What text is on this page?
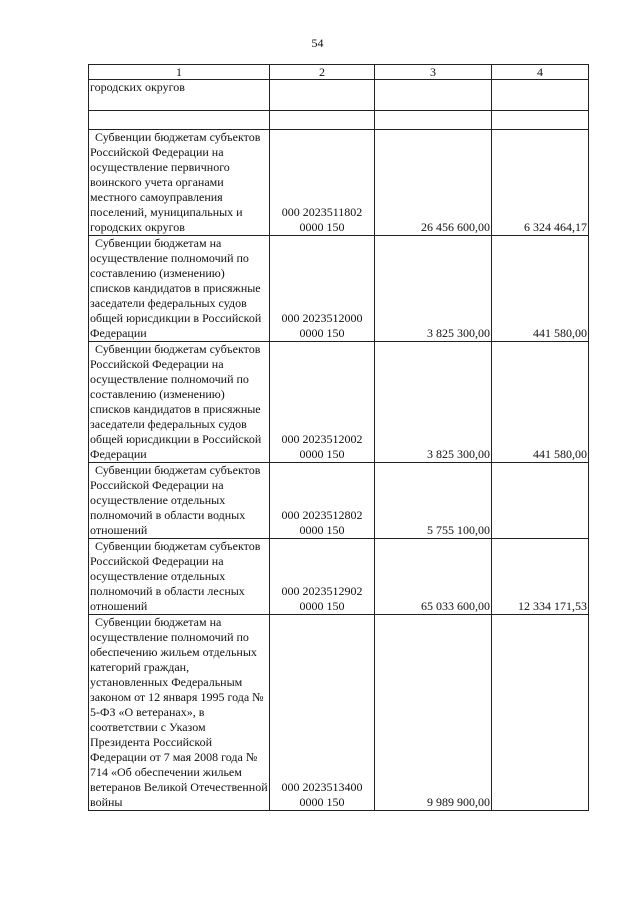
54
1	2	3	4
городских округов			

Субвенции бюджетам субъектов Российской Федерации на осуществление первичного воинского учета органами местного самоуправления поселений, муниципальных и городских округов	000 2023511802
0000 150	26 456 600,00	6 324 464,17
Субвенции бюджетам на осуществление полномочий по составлению (изменению) списков кандидатов в присяжные заседатели федеральных судов общей юрисдикции в Российской Федерации	000 2023512000
0000 150	3 825 300,00	441 580,00
Субвенции бюджетам субъектов Российской Федерации на осуществление полномочий по составлению (изменению) списков кандидатов в присяжные заседатели федеральных судов общей юрисдикции в Российской Федерации	000 2023512002
0000 150	3 825 300,00	441 580,00
Субвенции бюджетам субъектов Российской Федерации на осуществление отдельных полномочий в области водных отношений	000 2023512802
0000 150	5 755 100,00	
Субвенции бюджетам субъектов Российской Федерации на осуществление отдельных полномочий в области лесных отношений	000 2023512902
0000 150	65 033 600,00	12 334 171,53
Субвенции бюджетам на осуществление полномочий по обеспечению жильем отдельных категорий граждан, установленных Федеральным законом от 12 января 1995 года № 5-ФЗ «О ветеранах», в соответствии с Указом Президента Российской Федерации от 7 мая 2008 года № 714 «Об обеспечении жильем ветеранов Великой Отечественной войны	000 2023513400
0000 150	9 989 900,00	
